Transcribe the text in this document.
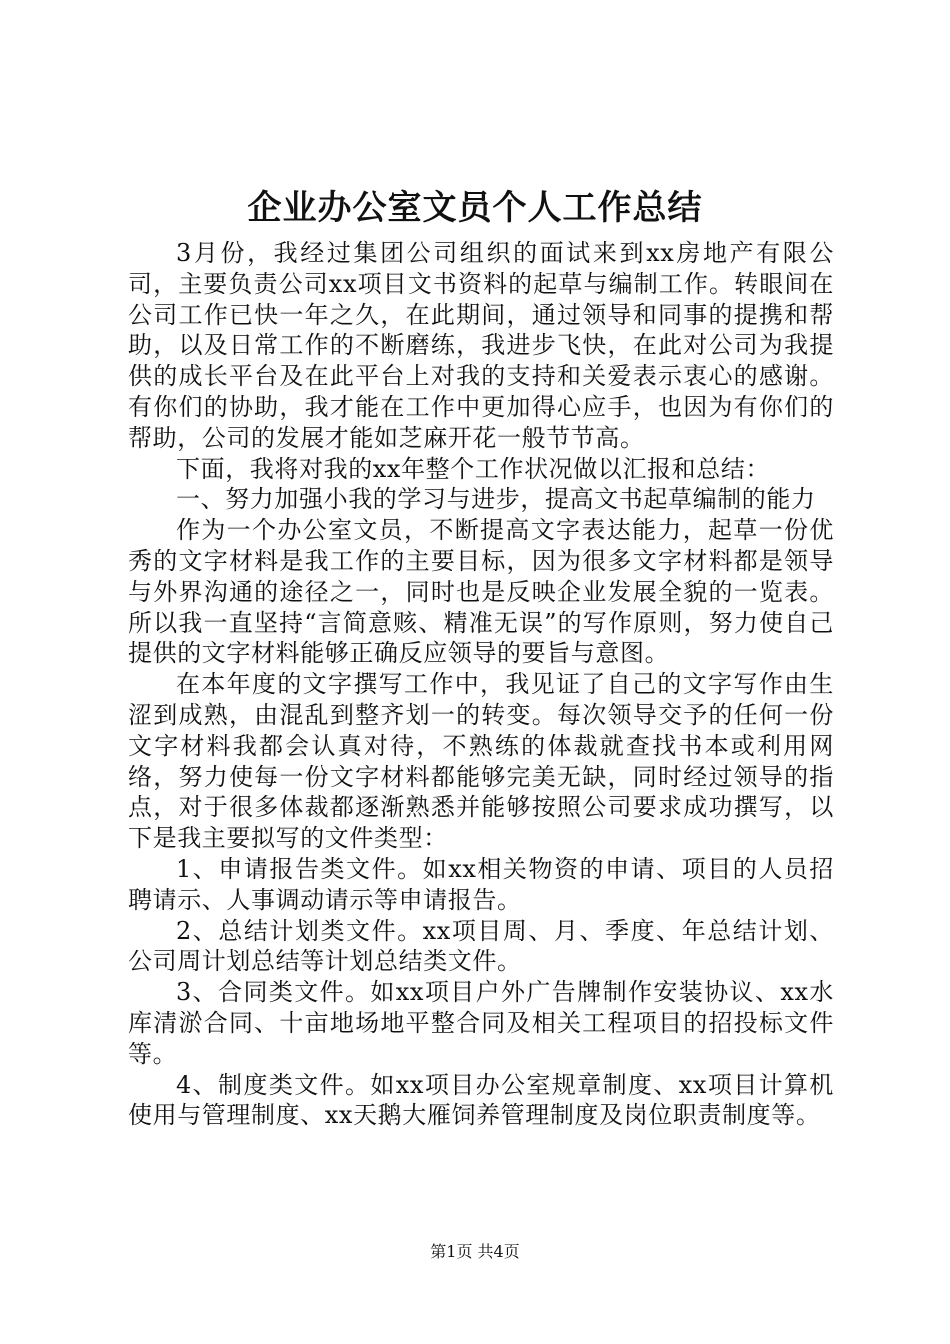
企业办公室文员个人工作总结

3月份，我经过集团公司组织的面试来到xx房地产有限公司，主要负责公司xx项目文书资料的起草与编制工作。转眼间在公司工作已快一年之久，在此期间，通过领导和同事的提携和帮助，以及日常工作的不断磨练，我进步飞快，在此对公司为我提供的成长平台及在此平台上对我的支持和关爱表示衷心的感谢。有你们的协助，我才能在工作中更加得心应手，也因为有你们的帮助，公司的发展才能如芝麻开花一般节节高。

下面，我将对我的xx年整个工作状况做以汇报和总结：

一、努力加强小我的学习与进步，提高文书起草编制的能力

作为一个办公室文员，不断提高文字表达能力，起草一份优秀的文字材料是我工作的主要目标，因为很多文字材料都是领导与外界沟通的途径之一，同时也是反映企业发展全貌的一览表。所以我一直坚持“言简意赅、精准无误”的写作原则，努力使自己提供的文字材料能够正确反应领导的要旨与意图。

在本年度的文字撰写工作中，我见证了自己的文字写作由生涩到成熟，由混乱到整齐划一的转变。每次领导交予的任何一份文字材料我都会认真对待，不熟练的体裁就查找书本或利用网络，努力使每一份文字材料都能够完美无缺，同时经过领导的指点，对于很多体裁都逐渐熟悉并能够按照公司要求成功撰写，以下是我主要拟写的文件类型：

1、申请报告类文件。如xx相关物资的申请、项目的人员招聘请示、人事调动请示等申请报告。

2、总结计划类文件。xx项目周、月、季度、年总结计划、公司周计划总结等计划总结类文件。

3、合同类文件。如xx项目户外广告牌制作安装协议、xx水库清淤合同、十亩地场地平整合同及相关工程项目的招投标文件等。

4、制度类文件。如xx项目办公室规章制度、xx项目计算机使用与管理制度、xx天鹅大雁饲养管理制度及岗位职责制度等。

第1页 共4页
